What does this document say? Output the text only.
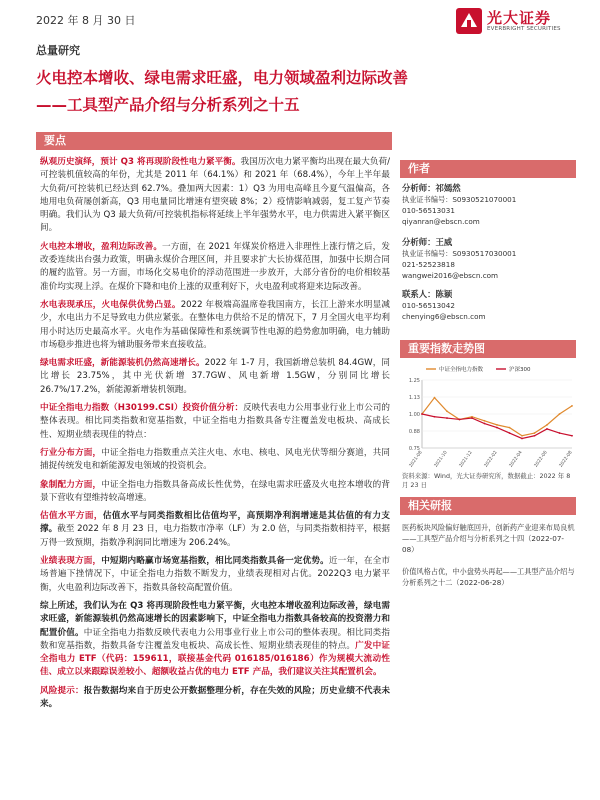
2022 年 8 月 30 日	光大证券
EVERBRIGHT SECURITIES
总量研究
火电控本增收、绿电需求旺盛，电力领域盈利边际改善
——工具型产品介绍与分析系列之十五
要点
作者
重要指数走势图
相关研报

纵观历史演绎，预计 Q3 将再现阶段性电力紧平衡。我国历次电力紧平衡均出现在最大负荷/可控装机值较高的年份，尤其是 2011 年（64.1%）和 2021 年（68.4%），今年上半年最大负荷/可控装机已经达到 62.7%。叠加两大因素：1）Q3 为用电高峰且今夏气温偏高，各地用电负荷屡创新高，Q3 用电量同比增速有望突破 8%；2）疫情影响减弱，复工复产节奏明确。我们认为 Q3 最大负荷/可控装机指标将延续上半年强势水平，电力供需进入紧平衡区间。

火电控本增收，盈利边际改善。一方面，在 2021 年煤炭价格进入非理性上涨行情之后，发改委连续出台强力政策，明确永煤价合理区间，并且要求扩大长协煤范围，加强中长期合同的履约监管。另一方面，市场化交易电价的浮动范围进一步放开，大部分省份的电价相较基准价均实现上浮。在煤价下降和电价上涨的双重利好下，火电盈利或将迎来边际改善。

水电表现承压，火电保供优势凸显。2022 年极端高温席卷我国南方，长江上游来水明显减少，水电出力不足导致电力供应紧张。在整体电力供给不足的情况下，7 月全国火电平均利用小时达历史最高水平。火电作为基础保障性和系统调节性电源的趋势愈加明确，电力辅助市场稳步推进也将为辅助服务带来直接收益。

绿电需求旺盛，新能源装机仍然高速增长。2022 年 1-7 月，我国新增总装机 84.4GW，同比增长 23.75%，其中光伏新增 37.7GW、风电新增 1.5GW，分别同比增长 26.7%/17.2%，新能源新增装机领跑。

中证全指电力指数（H30199.CSI）投资价值分析：反映代表电力公用事业行业上市公司的整体表现。相比同类指数和宽基指数，中证全指电力指数具备专注覆盖发电板块、高成长性、短期业绩表现佳的特点：

行业分布方面，中证全指电力指数重点关注火电、水电、核电、风电光伏等细分赛道，共同捕捉传统发电和新能源发电领域的投资机会。

象制配力方面，中证全指电力指数具备高成长性优势，在绿电需求旺盛及火电控本增收的背景下营收有望维持较高增速。

估值水平方面，估值水平与同类指数相比估值均平，高预期净利润增速是其估值的有力支撑。截至 2022 年 8 月 23 日，电力指数市净率（LF）为 2.0 倍，与同类指数相持平，根据万得一致预期，指数净利润同比增速为 206.24%。

业绩表现方面，中短期内略赢市场宽基指数，相比同类指数具备一定优势。近一年，在全市场普遍下挫情况下，中证全指电力指数不断发力，业绩表现相对占优。2022Q3 电力紧平衡，火电盈利边际改善下，指数具备较高配置价值。

综上所述，我们认为在 Q3 将再现阶段性电力紧平衡，火电控本增收盈利边际改善，绿电需求旺盛，新能源装机仍然高速增长的因素影响下，中证全指电力指数具备较高的投资潜力和配置价值。中证全指电力指数反映代表电力公用事业行业上市公司的整体表现。相比同类指数和宽基指数，指数具备专注覆盖发电板块、高成长性、短期业绩表现佳的特点。广发中证全指电力 ETF（代码：159611，联接基金代码 016185/016186）作为规模大流动性佳、成立以来跟踪误差较小、超额收益占优的电力 ETF 产品，我们建议关注其配置机会。

风险提示：报告数据均来自于历史公开数据整理分析，存在失效的风险；历史业绩不代表未来。

分析师：祁嫣然
执业证书编号：S0930521070001
010-56513031
qiyanran@ebscn.com
分析师：王威
执业证书编号：S0930517030001
021-52523818
wangwei2016@ebscn.com
联系人：陈颖
010-56513042
chenying6@ebscn.com
0.75
0.88
1.00
1.13
1.25
2021-08 2021-10 2021-12 2022-02 2022-04 2022-06 2022-08
中证全指电力指数	沪深300
资料来源：Wind，光大证券研究所，数据截止：2022 年 8 月 23 日
医药板块风险偏好触底回升，创新药产业迎来布局良机——工具型产品介绍与分析系列之十四（2022-07-08）
价值风格占优，中小盘势头再起——工具型产品介绍与分析系列之十二（2022-06-28）
